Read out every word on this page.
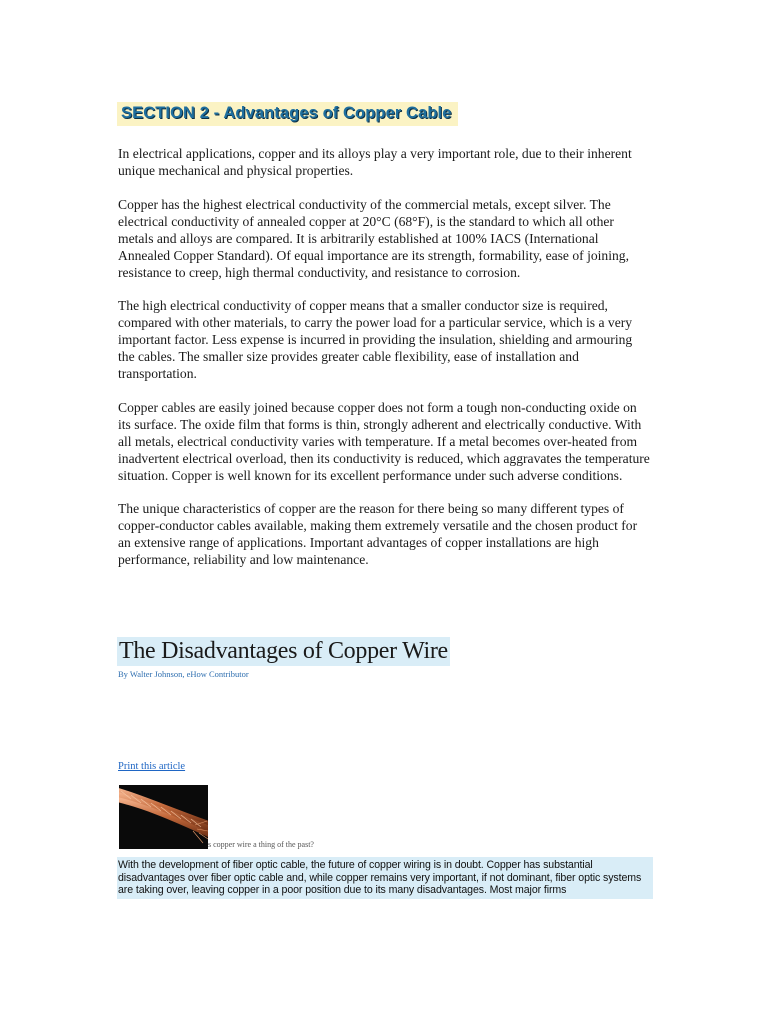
SECTION 2 - Advantages of Copper Cable

In electrical applications, copper and its alloys play a very important role, due to their inherent unique mechanical and physical properties.

Copper has the highest electrical conductivity of the commercial metals, except silver. The electrical conductivity of annealed copper at 20°C (68°F), is the standard to which all other metals and alloys are compared. It is arbitrarily established at 100% IACS (International Annealed Copper Standard). Of equal importance are its strength, formability, ease of joining, resistance to creep, high thermal conductivity, and resistance to corrosion.

The high electrical conductivity of copper means that a smaller conductor size is required, compared with other materials, to carry the power load for a particular service, which is a very important factor. Less expense is incurred in providing the insulation, shielding and armouring the cables. The smaller size provides greater cable flexibility, ease of installation and transportation.

Copper cables are easily joined because copper does not form a tough non-conducting oxide on its surface. The oxide film that forms is thin, strongly adherent and electrically conductive. With all metals, electrical conductivity varies with temperature. If a metal becomes over-heated from inadvertent electrical overload, then its conductivity is reduced, which aggravates the temperature situation. Copper is well known for its excellent performance under such adverse conditions.

The unique characteristics of copper are the reason for there being so many different types of copper-conductor cables available, making them extremely versatile and the chosen product for an extensive range of applications. Important advantages of copper installations are high performance, reliability and low maintenance.

The Disadvantages of Copper Wire
By Walter Johnson, eHow Contributor
Print this article
s copper wire a thing of the past?
With the development of fiber optic cable, the future of copper wiring is in doubt. Copper has substantial disadvantages over fiber optic cable and, while copper remains very important, if not dominant, fiber optic systems are taking over, leaving copper in a poor position due to its many disadvantages. Most major firms
